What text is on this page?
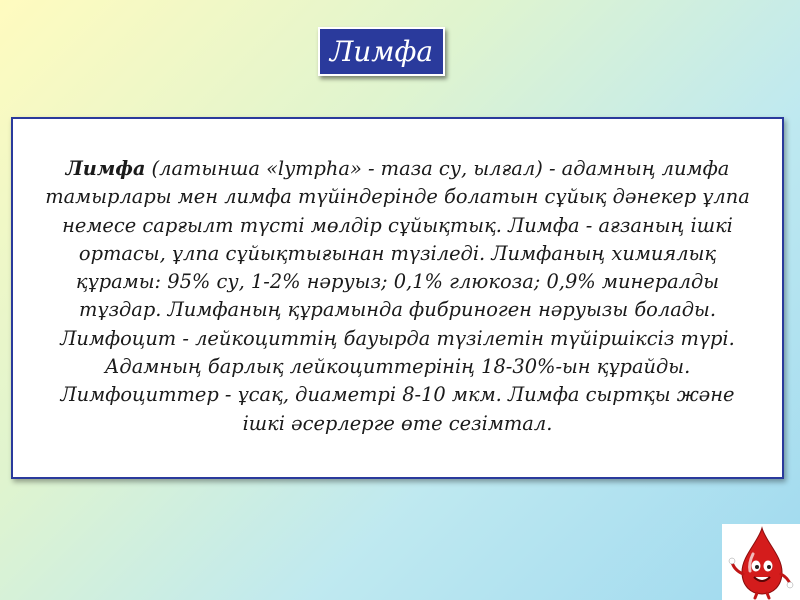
Лимфа

Лимфа (латынша «lympha» - таза су, ылғал) - адамның лимфа тамырлары мен лимфа түйіндерінде болатын сұйық дәнекер ұлпа немесе сарғылт түсті мөлдір сұйықтық. Лимфа - ағзаның ішкі ортасы, ұлпа сұйықтығынан түзіледі. Лимфаның химиялық құрамы: 95% су, 1-2% нәруыз; 0,1% глюкоза; 0,9% минералды тұздар. Лимфаның құрамында фибриноген нәруызы болады. Лимфоцит - лейкоциттің бауырда түзілетін түйіршіксіз түрі. Адамның барлық лейкоциттерінің 18-30%-ын құрайды. Лимфоциттер - ұсақ, диаметрі 8-10 мкм. Лимфа сыртқы және ішкі әсерлерге өте сезімтал.
